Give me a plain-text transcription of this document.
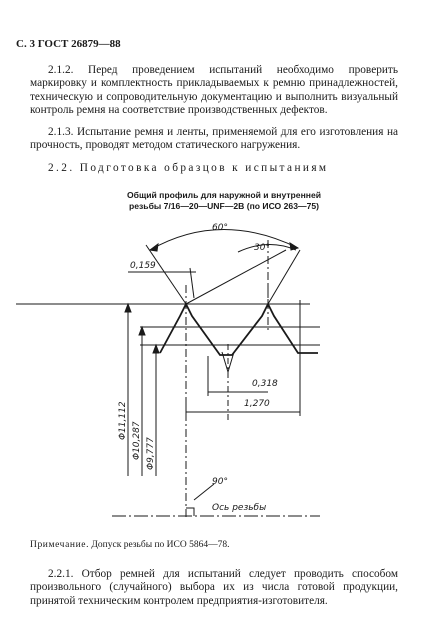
С. 3 ГОСТ 26879—88

2.1.2. Перед проведением испытаний необходимо проверить маркировку и комплектность прикладываемых к ремню принадлежностей, техническую и сопроводительную документацию и выполнить визуальный контроль ремня на соответствие производственных дефектов.

2.1.3. Испытание ремня и ленты, применяемой для его изготовления на прочность, проводят методом статического нагружения.

2.2. Подготовка образцов к испытаниям
Общий профиль для наружной и внутренней
резьбы 7/16—20—UNF—2B (по ИСО 263—75)
60°
30°
0,159
0,318
1,270
Φ11,112
Φ10,287 Φ9,777
90°
Ось резьбы
Примечание. Допуск резьбы по ИСО 5864—78.

2.2.1. Отбор ремней для испытаний следует проводить способом произвольного (случайного) выбора их из числа готовой продукции, принятой техническим контролем предприятия-изготовителя.
